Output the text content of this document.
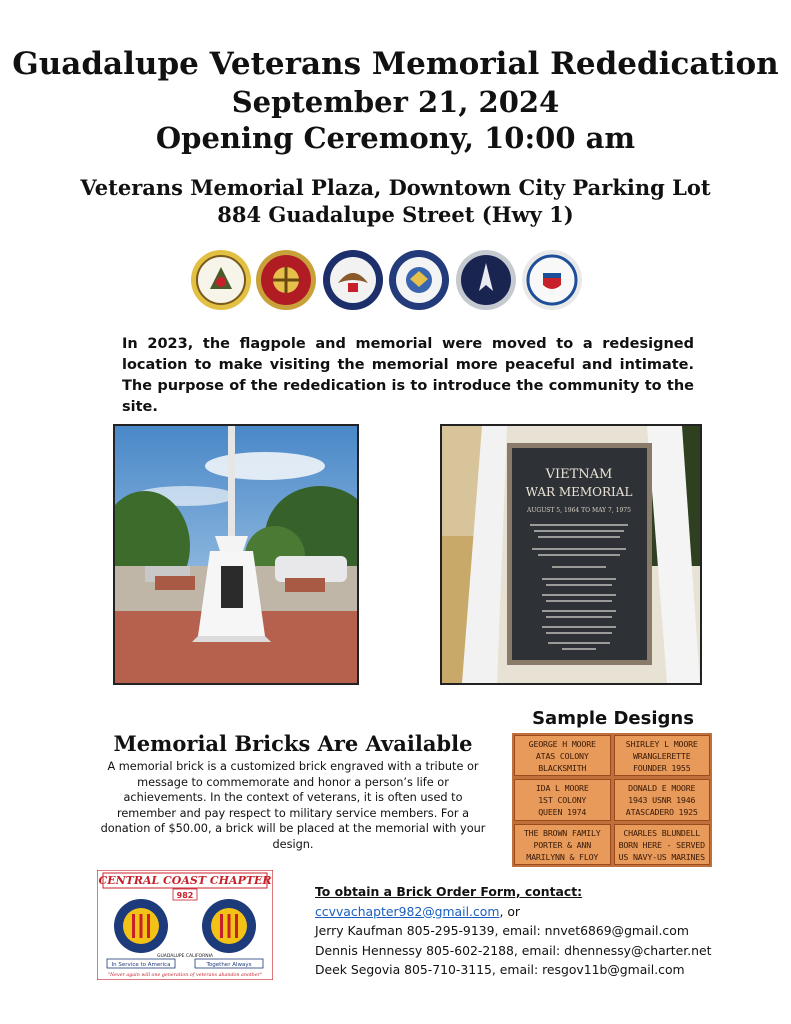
Guadalupe Veterans Memorial Rededication
September 21, 2024
Opening Ceremony, 10:00 am
Veterans Memorial Plaza, Downtown City Parking Lot
884 Guadalupe Street (Hwy 1)
In 2023, the flagpole and memorial were moved to a redesigned location to make visiting the memorial more peaceful and intimate. The purpose of the rededication is to introduce the community to the site.
VIETNAM
WAR MEMORIAL
AUGUST 5, 1964 TO MAY 7, 1975
Memorial Bricks Are Available
A memorial brick is a customized brick engraved with a tribute or message to commemorate and honor a person’s life or achievements. In the context of veterans, it is often used to remember and pay respect to military service members. For a donation of $50.00, a brick will be placed at the memorial with your design.
Sample Designs
GEORGE H MOORE
ATAS COLONY
BLACKSMITH
SHIRLEY L MOORE
WRANGLERETTE
FOUNDER 1955
IDA L MOORE
1ST COLONY
QUEEN 1974
DONALD E MOORE
1943 USNR 1946
ATASCADERO 1925
THE BROWN FAMILY
PORTER & ANN
MARILYNN & FLOY
CHARLES BLUNDELL
BORN HERE - SERVED
US NAVY-US MARINES
CENTRAL COAST CHAPTER
982
GUADALUPE CALIFORNIA
In Service to America	Together Always
"Never again will one generation of veterans abandon another"
To obtain a Brick Order Form, contact:
ccvvachapter982@gmail.com, or
Jerry Kaufman 805-295-9139, email: nnvet6869@gmail.com
Dennis Hennessy 805-602-2188, email: dhennessy@charter.net
Deek Segovia 805-710-3115, email: resgov11b@gmail.com
